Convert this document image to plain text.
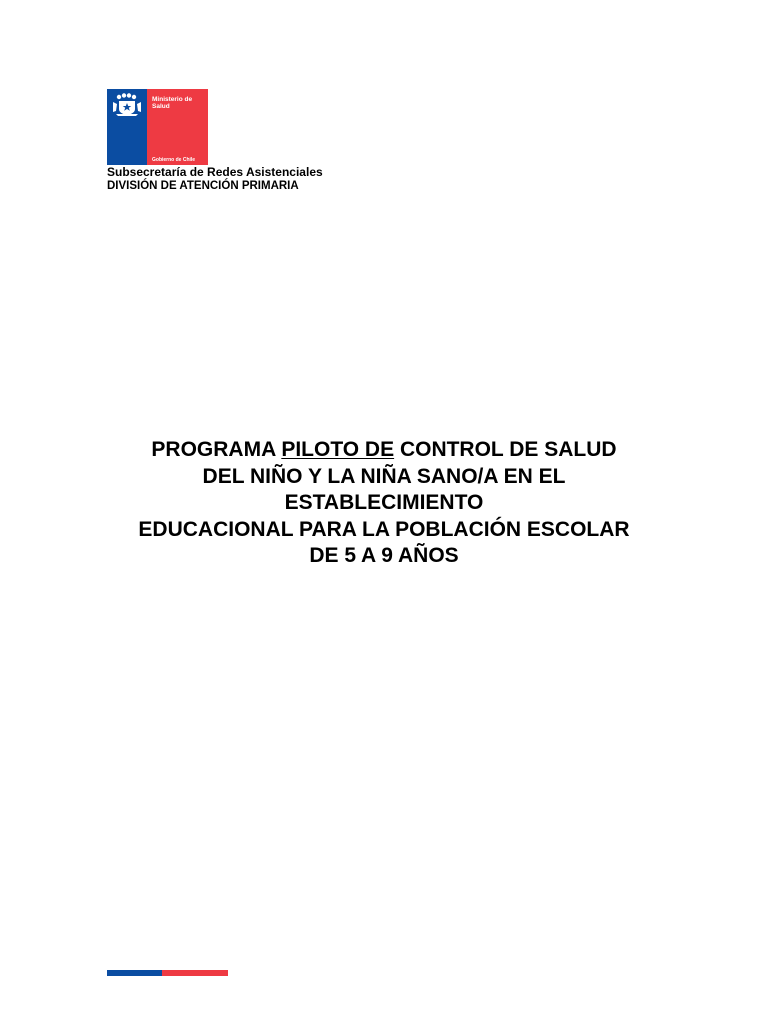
Ministerio de
Salud
Gobierno de Chile
Subsecretaría de Redes Asistenciales
DIVISIÓN DE ATENCIÓN PRIMARIA
PROGRAMA PILOTO DE CONTROL DE SALUD
DEL NIÑO Y LA NIÑA SANO/A EN EL
ESTABLECIMIENTO
EDUCACIONAL PARA LA POBLACIÓN ESCOLAR
DE 5 A 9 AÑOS
